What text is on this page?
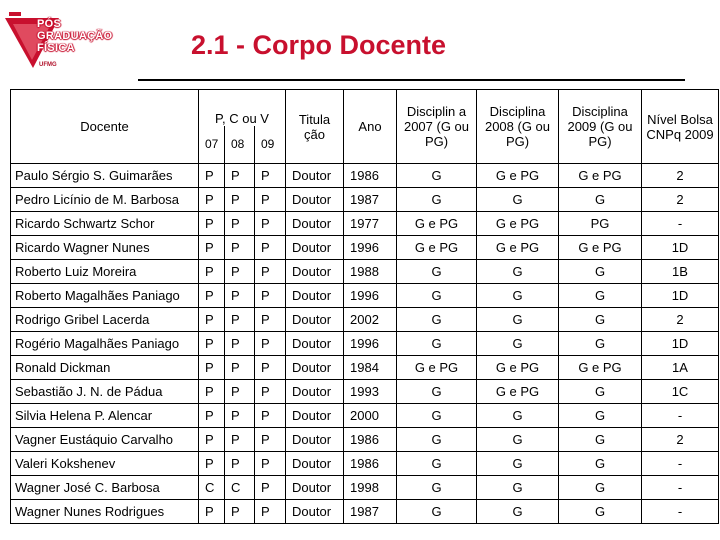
PÓS
GRADUAÇÃO
FÍSICA
UFMG
2.1 - Corpo Docente
Docente	P, C ou V			Titula ção	Ano	Disciplin a 2007 (G ou PG)	Disciplina 2008 (G ou PG)	Disciplina 2009 (G ou PG)	Nível Bolsa CNPq 2009
	07	08	09						
Paulo Sérgio S. Guimarães	P	P	P	Doutor	1986	G	G e PG	G e PG	2
Pedro Licínio de M. Barbosa	P	P	P	Doutor	1987	G	G	G	2
Ricardo Schwartz Schor	P	P	P	Doutor	1977	G e PG	G e PG	PG	-
Ricardo Wagner Nunes	P	P	P	Doutor	1996	G e PG	G e PG	G e PG	1D
Roberto Luiz Moreira	P	P	P	Doutor	1988	G	G	G	1B
Roberto Magalhães Paniago	P	P	P	Doutor	1996	G	G	G	1D
Rodrigo Gribel Lacerda	P	P	P	Doutor	2002	G	G	G	2
Rogério Magalhães Paniago	P	P	P	Doutor	1996	G	G	G	1D
Ronald Dickman	P	P	P	Doutor	1984	G e PG	G e PG	G e PG	1A
Sebastião J. N. de Pádua	P	P	P	Doutor	1993	G	G e PG	G	1C
Silvia Helena P. Alencar	P	P	P	Doutor	2000	G	G	G	-
Vagner Eustáquio Carvalho	P	P	P	Doutor	1986	G	G	G	2
Valeri Kokshenev	P	P	P	Doutor	1986	G	G	G	-
Wagner José C. Barbosa	C	C	P	Doutor	1998	G	G	G	-
Wagner Nunes Rodrigues	P	P	P	Doutor	1987	G	G	G	-
